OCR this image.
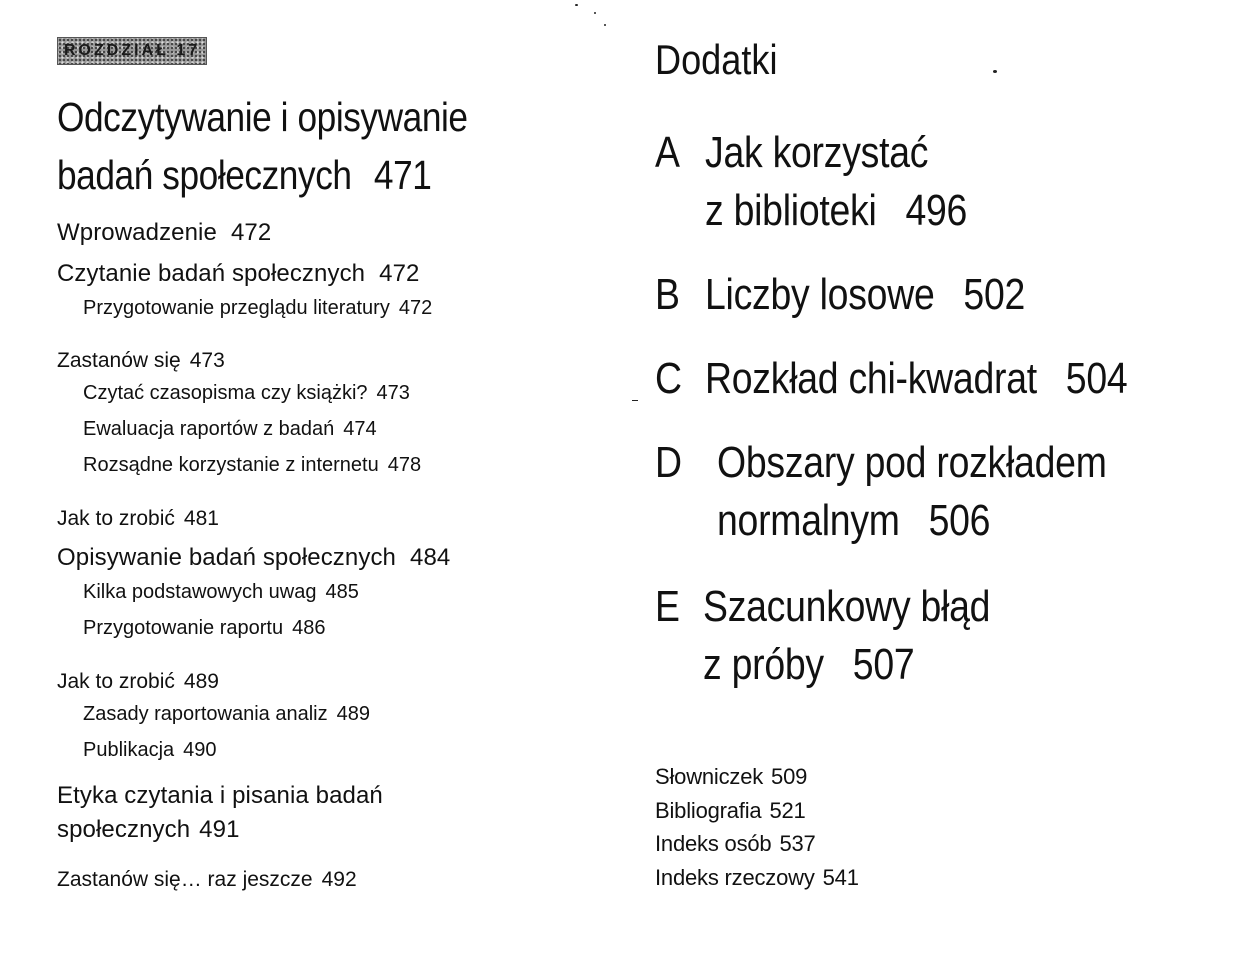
ROZDZIAŁ 17
Odczytywanie i opisywanie
badań społecznych 471
Wprowadzenie 472
Czytanie badań społecznych 472
Przygotowanie przeglądu literatury 472
Zastanów się 473
Czytać czasopisma czy książki? 473
Ewaluacja raportów z badań 474
Rozsądne korzystanie z internetu 478
Jak to zrobić 481
Opisywanie badań społecznych 484
Kilka podstawowych uwag 485
Przygotowanie raportu 486
Jak to zrobić 489
Zasady raportowania analiz 489
Publikacja 490
Etyka czytania i pisania badań
społecznych 491
Zastanów się… raz jeszcze 492
Dodatki
A Jak korzystać
z biblioteki 496
B Liczby losowe 502
C Rozkład chi-kwadrat 504
D Obszary pod rozkładem
normalnym 506
E Szacunkowy błąd
z próby 507
Słowniczek 509
Bibliografia 521
Indeks osób 537
Indeks rzeczowy 541
